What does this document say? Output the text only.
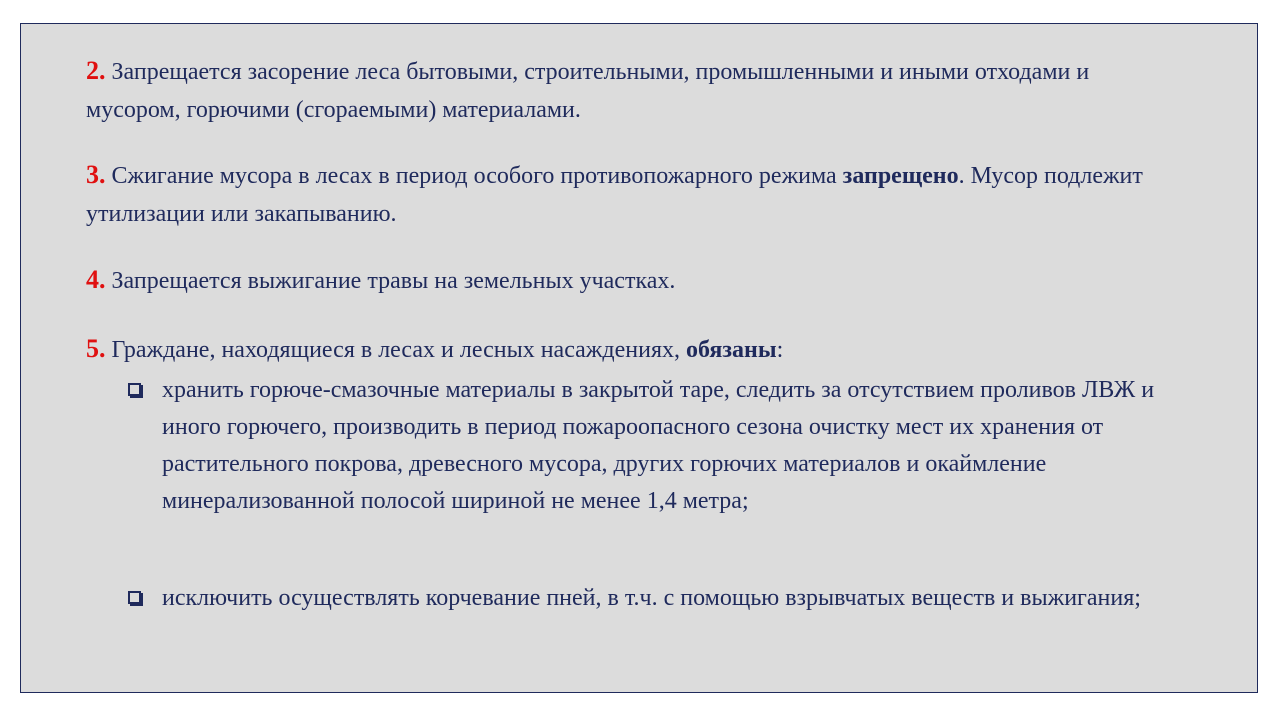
2. Запрещается засорение леса бытовыми, строительными, промышленными и иными отходами и мусором, горючими (сгораемыми) материалами.

3. Сжигание мусора в лесах в период особого противопожарного режима запрещено. Мусор подлежит утилизации или закапыванию.

4. Запрещается выжигание травы на земельных участках.

5. Граждане, находящиеся в лесах и лесных насаждениях, обязаны:

хранить горюче-смазочные материалы в закрытой таре, следить за отсутствием проливов ЛВЖ и иного горючего, производить в период пожароопасного сезона очистку мест их хранения от растительного покрова, древесного мусора, других горючих материалов и окаймление минерализованной полосой шириной не менее 1,4 метра;
исключить осуществлять корчевание пней, в т.ч. с помощью взрывчатых веществ и выжигания;
